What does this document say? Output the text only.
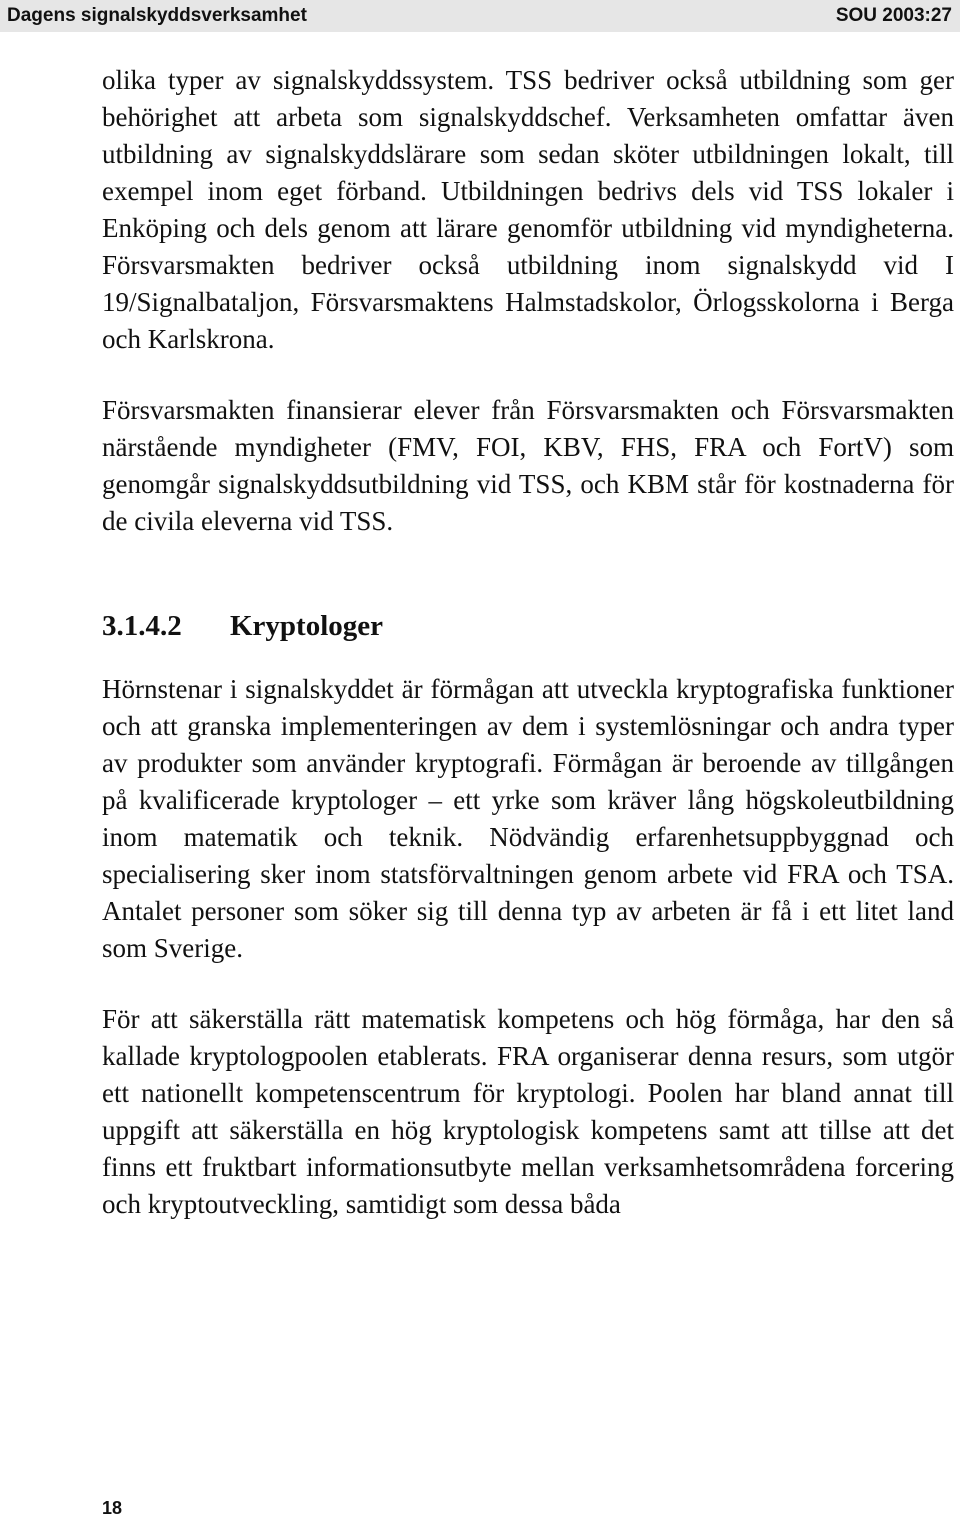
Dagens signalskyddsverksamhet	SOU 2003:27

olika typer av signalskyddssystem. TSS bedriver också utbildning som ger behörighet att arbeta som signalskyddschef. Verksamheten omfattar även utbildning av signalskyddslärare som sedan sköter utbildningen lokalt, till exempel inom eget förband. Utbildningen bedrivs dels vid TSS lokaler i Enköping och dels genom att lärare genomför utbildning vid myndigheterna. Försvarsmakten bedriver också utbildning inom signalskydd vid I 19/Signalbataljon, Försvarsmaktens Halmstadskolor, Örlogsskolorna i Berga och Karlskrona.

Försvarsmakten finansierar elever från Försvarsmakten och Försvarsmakten närstående myndigheter (FMV, FOI, KBV, FHS, FRA och FortV) som genomgår signalskyddsutbildning vid TSS, och KBM står för kostnaderna för de civila eleverna vid TSS.

3.1.4.2	Kryptologer

Hörnstenar i signalskyddet är förmågan att utveckla kryptografiska funktioner och att granska implementeringen av dem i systemlösningar och andra typer av produkter som använder kryptografi. Förmågan är beroende av tillgången på kvalificerade kryptologer – ett yrke som kräver lång högskoleutbildning inom matematik och teknik. Nödvändig erfarenhetsuppbyggnad och specialisering sker inom statsförvaltningen genom arbete vid FRA och TSA. Antalet personer som söker sig till denna typ av arbeten är få i ett litet land som Sverige.

För att säkerställa rätt matematisk kompetens och hög förmåga, har den så kallade kryptologpoolen etablerats. FRA organiserar denna resurs, som utgör ett nationellt kompetenscentrum för kryptologi. Poolen har bland annat till uppgift att säkerställa en hög kryptologisk kompetens samt att tillse att det finns ett fruktbart informationsutbyte mellan verksamhetsområdena forcering och kryptoutveckling, samtidigt som dessa båda

18
